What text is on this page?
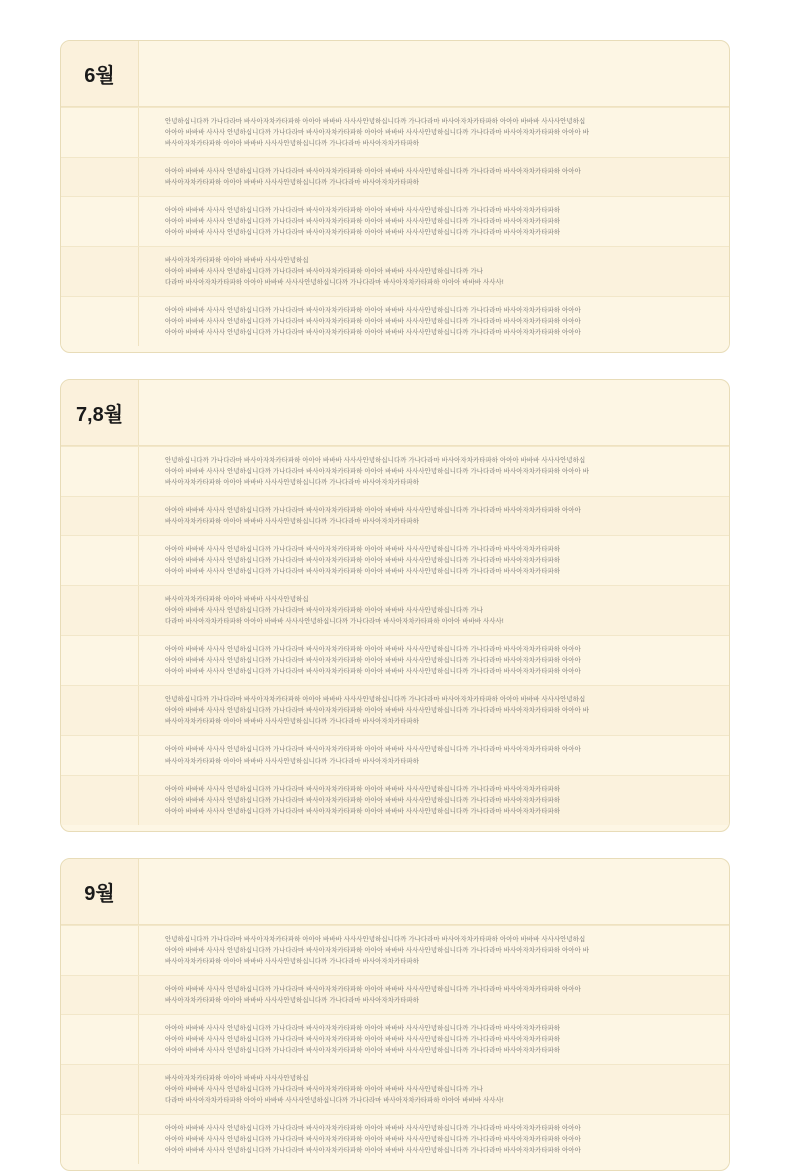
6월

안녕하십니다까 가나다라마 바사아자차카타파하 아아아 바바바 사사사안녕하십니다까 가나다라마 바사아자차카타파하 아아아 바바바 사사사안녕하십

아아아 바바바 사사사 안녕하십니다까 가나다라마 바사아자차카타파하 아아아 바바바 사사사안녕하십니다까 가나다라마 바사아자차카타파하 아아아 바

바사아자차카타파하 아아아 바바바 사사사안녕하십니다까 가나다라마 바사아자차카타파하

아아아 바바바 사사사 안녕하십니다까 가나다라마 바사아자차카타파하 아아아 바바바 사사사안녕하십니다까 가나다라마 바사아자차카타파하 아아아

바사아자차카타파하 아아아 바바바 사사사안녕하십니다까 가나다라마 바사아자차카타파하

아아아 바바바 사사사 안녕하십니다까 가나다라마 바사아자차카타파하 아아아 바바바 사사사안녕하십니다까 가나다라마 바사아자차카타파하

아아아 바바바 사사사 안녕하십니다까 가나다라마 바사아자차카타파하 아아아 바바바 사사사안녕하십니다까 가나다라마 바사아자차카타파하

아아아 바바바 사사사 안녕하십니다까 가나다라마 바사아자차카타파하 아아아 바바바 사사사안녕하십니다까 가나다라마 바사아자차카타파하

바사아자차카타파하 아아아 바바바 사사사안녕하십

아아아 바바바 사사사 안녕하십니다까 가나다라마 바사아자차카타파하 아아아 바바바 사사사안녕하십니다까 가나

다라마 바사아자차카타파하 아아아 바바바 사사사안녕하십니다까 가나다라마 바사아자차카타파하 아아아 바바바 사사사!

아아아 바바바 사사사 안녕하십니다까 가나다라마 바사아자차카타파하 아아아 바바바 사사사안녕하십니다까 가나다라마 바사아자차카타파하 아아아

아아아 바바바 사사사 안녕하십니다까 가나다라마 바사아자차카타파하 아아아 바바바 사사사안녕하십니다까 가나다라마 바사아자차카타파하 아아아

아아아 바바바 사사사 안녕하십니다까 가나다라마 바사아자차카타파하 아아아 바바바 사사사안녕하십니다까 가나다라마 바사아자차카타파하 아아아

7,8월

안녕하십니다까 가나다라마 바사아자차카타파하 아아아 바바바 사사사안녕하십니다까 가나다라마 바사아자차카타파하 아아아 바바바 사사사안녕하십

아아아 바바바 사사사 안녕하십니다까 가나다라마 바사아자차카타파하 아아아 바바바 사사사안녕하십니다까 가나다라마 바사아자차카타파하 아아아 바

바사아자차카타파하 아아아 바바바 사사사안녕하십니다까 가나다라마 바사아자차카타파하

아아아 바바바 사사사 안녕하십니다까 가나다라마 바사아자차카타파하 아아아 바바바 사사사안녕하십니다까 가나다라마 바사아자차카타파하 아아아

바사아자차카타파하 아아아 바바바 사사사안녕하십니다까 가나다라마 바사아자차카타파하

아아아 바바바 사사사 안녕하십니다까 가나다라마 바사아자차카타파하 아아아 바바바 사사사안녕하십니다까 가나다라마 바사아자차카타파하

아아아 바바바 사사사 안녕하십니다까 가나다라마 바사아자차카타파하 아아아 바바바 사사사안녕하십니다까 가나다라마 바사아자차카타파하

아아아 바바바 사사사 안녕하십니다까 가나다라마 바사아자차카타파하 아아아 바바바 사사사안녕하십니다까 가나다라마 바사아자차카타파하

바사아자차카타파하 아아아 바바바 사사사안녕하십

아아아 바바바 사사사 안녕하십니다까 가나다라마 바사아자차카타파하 아아아 바바바 사사사안녕하십니다까 가나

다라마 바사아자차카타파하 아아아 바바바 사사사안녕하십니다까 가나다라마 바사아자차카타파하 아아아 바바바 사사사!

아아아 바바바 사사사 안녕하십니다까 가나다라마 바사아자차카타파하 아아아 바바바 사사사안녕하십니다까 가나다라마 바사아자차카타파하 아아아

아아아 바바바 사사사 안녕하십니다까 가나다라마 바사아자차카타파하 아아아 바바바 사사사안녕하십니다까 가나다라마 바사아자차카타파하 아아아

아아아 바바바 사사사 안녕하십니다까 가나다라마 바사아자차카타파하 아아아 바바바 사사사안녕하십니다까 가나다라마 바사아자차카타파하 아아아

안녕하십니다까 가나다라마 바사아자차카타파하 아아아 바바바 사사사안녕하십니다까 가나다라마 바사아자차카타파하 아아아 바바바 사사사안녕하십

아아아 바바바 사사사 안녕하십니다까 가나다라마 바사아자차카타파하 아아아 바바바 사사사안녕하십니다까 가나다라마 바사아자차카타파하 아아아 바

바사아자차카타파하 아아아 바바바 사사사안녕하십니다까 가나다라마 바사아자차카타파하

아아아 바바바 사사사 안녕하십니다까 가나다라마 바사아자차카타파하 아아아 바바바 사사사안녕하십니다까 가나다라마 바사아자차카타파하 아아아

바사아자차카타파하 아아아 바바바 사사사안녕하십니다까 가나다라마 바사아자차카타파하

아아아 바바바 사사사 안녕하십니다까 가나다라마 바사아자차카타파하 아아아 바바바 사사사안녕하십니다까 가나다라마 바사아자차카타파하

아아아 바바바 사사사 안녕하십니다까 가나다라마 바사아자차카타파하 아아아 바바바 사사사안녕하십니다까 가나다라마 바사아자차카타파하

아아아 바바바 사사사 안녕하십니다까 가나다라마 바사아자차카타파하 아아아 바바바 사사사안녕하십니다까 가나다라마 바사아자차카타파하

9월

안녕하십니다까 가나다라마 바사아자차카타파하 아아아 바바바 사사사안녕하십니다까 가나다라마 바사아자차카타파하 아아아 바바바 사사사안녕하십

아아아 바바바 사사사 안녕하십니다까 가나다라마 바사아자차카타파하 아아아 바바바 사사사안녕하십니다까 가나다라마 바사아자차카타파하 아아아 바

바사아자차카타파하 아아아 바바바 사사사안녕하십니다까 가나다라마 바사아자차카타파하

아아아 바바바 사사사 안녕하십니다까 가나다라마 바사아자차카타파하 아아아 바바바 사사사안녕하십니다까 가나다라마 바사아자차카타파하 아아아

바사아자차카타파하 아아아 바바바 사사사안녕하십니다까 가나다라마 바사아자차카타파하

아아아 바바바 사사사 안녕하십니다까 가나다라마 바사아자차카타파하 아아아 바바바 사사사안녕하십니다까 가나다라마 바사아자차카타파하

아아아 바바바 사사사 안녕하십니다까 가나다라마 바사아자차카타파하 아아아 바바바 사사사안녕하십니다까 가나다라마 바사아자차카타파하

아아아 바바바 사사사 안녕하십니다까 가나다라마 바사아자차카타파하 아아아 바바바 사사사안녕하십니다까 가나다라마 바사아자차카타파하

바사아자차카타파하 아아아 바바바 사사사안녕하십

아아아 바바바 사사사 안녕하십니다까 가나다라마 바사아자차카타파하 아아아 바바바 사사사안녕하십니다까 가나

다라마 바사아자차카타파하 아아아 바바바 사사사안녕하십니다까 가나다라마 바사아자차카타파하 아아아 바바바 사사사!

아아아 바바바 사사사 안녕하십니다까 가나다라마 바사아자차카타파하 아아아 바바바 사사사안녕하십니다까 가나다라마 바사아자차카타파하 아아아

아아아 바바바 사사사 안녕하십니다까 가나다라마 바사아자차카타파하 아아아 바바바 사사사안녕하십니다까 가나다라마 바사아자차카타파하 아아아

아아아 바바바 사사사 안녕하십니다까 가나다라마 바사아자차카타파하 아아아 바바바 사사사안녕하십니다까 가나다라마 바사아자차카타파하 아아아
